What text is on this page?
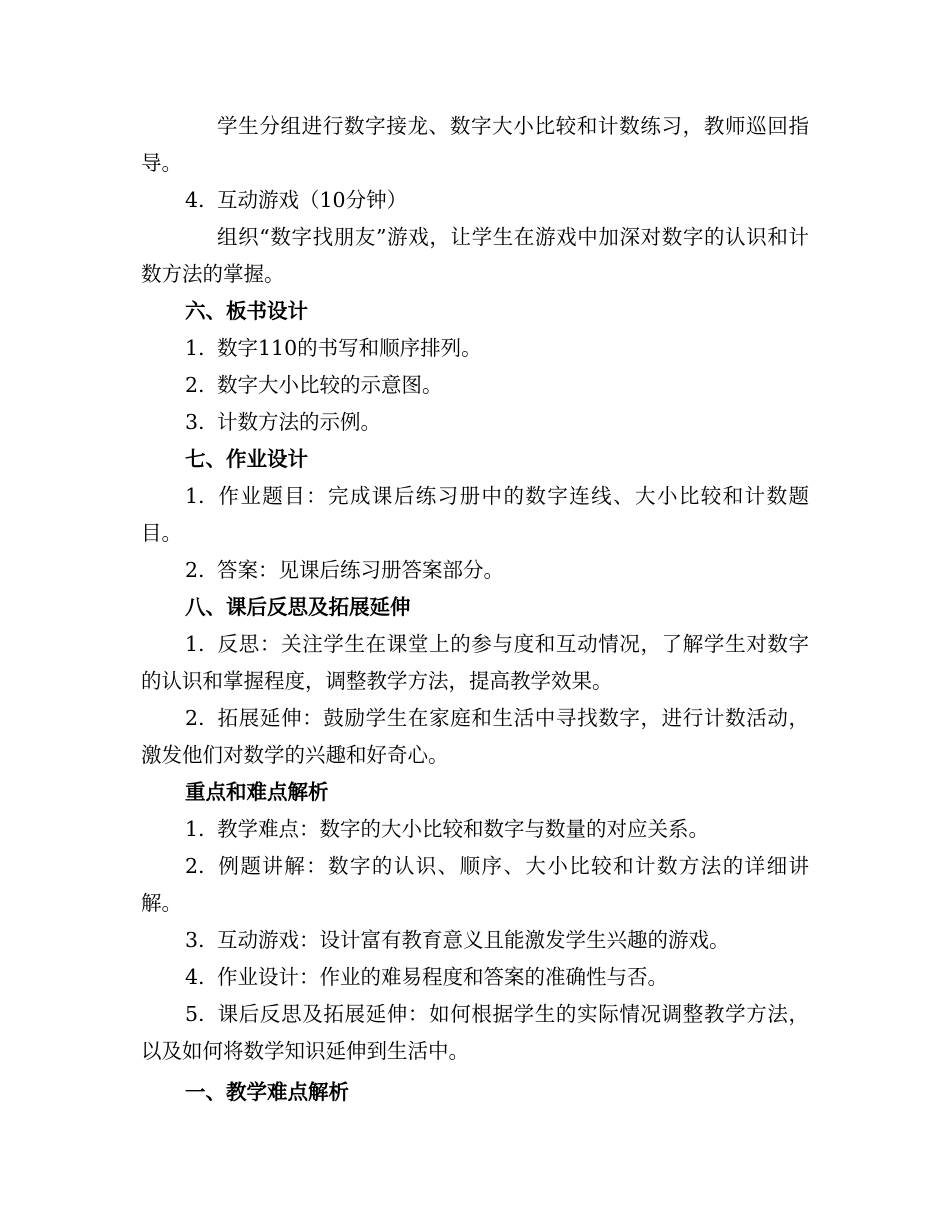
学生分组进行数字接龙、数字大小比较和计数练习，教师巡回指导。

4. 互动游戏（10分钟）

组织“数字找朋友”游戏，让学生在游戏中加深对数字的认识和计数方法的掌握。

六、板书设计

1. 数字110的书写和顺序排列。

2. 数字大小比较的示意图。

3. 计数方法的示例。

七、作业设计

1. 作业题目：完成课后练习册中的数字连线、大小比较和计数题目。

2. 答案：见课后练习册答案部分。

八、课后反思及拓展延伸

1. 反思：关注学生在课堂上的参与度和互动情况，了解学生对数字的认识和掌握程度，调整教学方法，提高教学效果。

2. 拓展延伸：鼓励学生在家庭和生活中寻找数字，进行计数活动，激发他们对数学的兴趣和好奇心。

重点和难点解析

1. 教学难点：数字的大小比较和数字与数量的对应关系。

2. 例题讲解：数字的认识、顺序、大小比较和计数方法的详细讲解。

3. 互动游戏：设计富有教育意义且能激发学生兴趣的游戏。

4. 作业设计：作业的难易程度和答案的准确性与否。

5. 课后反思及拓展延伸：如何根据学生的实际情况调整教学方法，以及如何将数学知识延伸到生活中。

一、教学难点解析
